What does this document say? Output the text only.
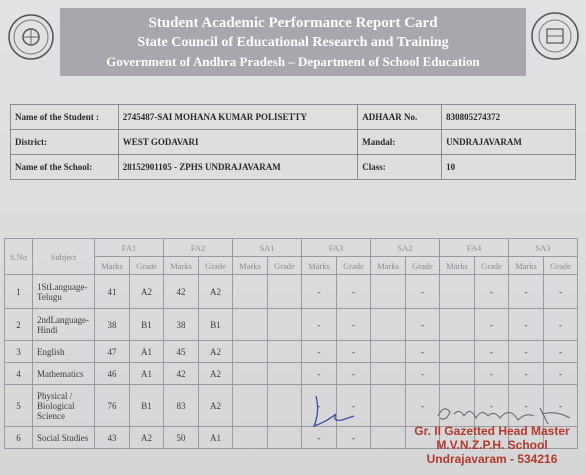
Student Academic Performance Report Card
State Council of Educational Research and Training
Government of Andhra Pradesh – Department of School Education
Name of the Student :	2745487-SAI MOHANA KUMAR POLISETTY	ADHAAR No.	830805274372
District:	WEST GODAVARI	Mandal:	UNDRAJAVARAM
Name of the School:	28152901105 - ZPHS UNDRAJAVARAM	Class:	10
S.No	Subject	FA1		FA2		SA1		FA3		SA2		FA4		SA3	
		Marks	Grade	Marks	Grade	Marks	Grade	Marks	Grade	Marks	Grade	Marks	Grade	Marks	Grade
1	1StLanguage-Telugu	41	A2	42	A2			-	-		-		-	-	-
2	2ndLanguage-Hindi	38	B1	38	B1			-	-		-		-	-	-
3	English	47	A1	45	A2			-	-		-		-	-	-
4	Mathematics	46	A1	42	A2			-	-		-		-	-	-
5	Physical / Biological Science	76	B1	83	A2			-	-		-		-	-	-
6	Social Studies	43	A2	50	A1			-	-							Gr. II Gazetted Head Master
M.V.N.Z.P.H. School
Undrajavaram - 534216
